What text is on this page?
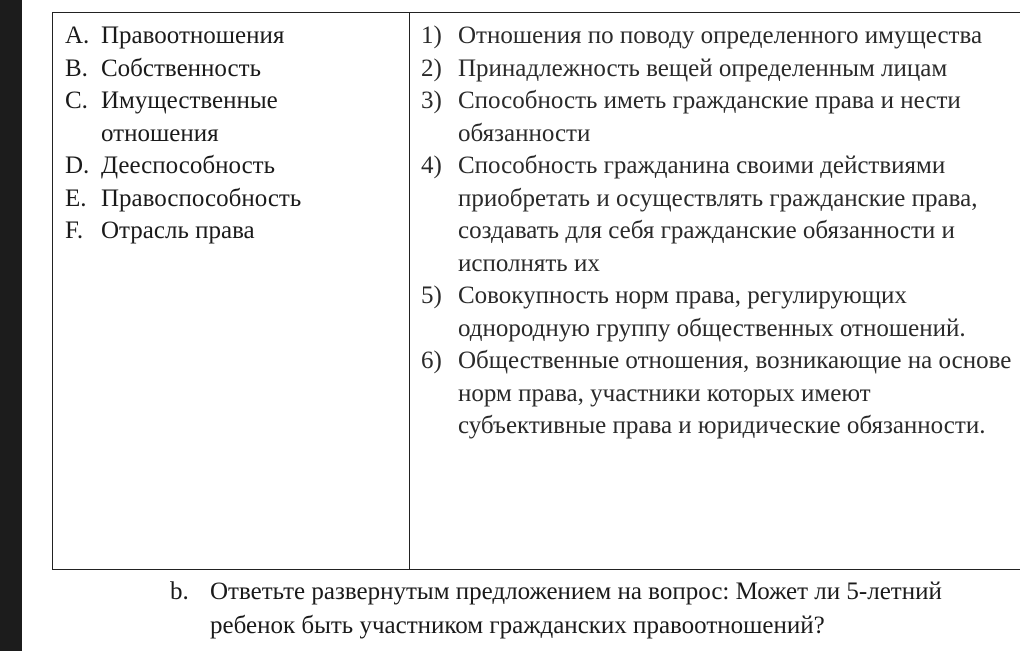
A. Правоотношения
B. Собственность
C. Имущественные отношения
D. Дееспособность
E. Правоспособность
F. Отрасль права
1) Отношения по поводу определенного имущества
2) Принадлежность вещей определенным лицам
3) Способность иметь гражданские права и нести обязанности
4) Способность гражданина своими действиями приобретать и осуществлять гражданские права, создавать для себя гражданские обязанности и исполнять их
5) Совокупность норм права, регулирующих однородную группу общественных отношений.
6) Общественные отношения, возникающие на основе норм права, участники которых имеют субъективные права и юридические обязанности.
b. Ответьте развернутым предложением на вопрос: Может ли 5-летний ребенок быть участником гражданских правоотношений?
